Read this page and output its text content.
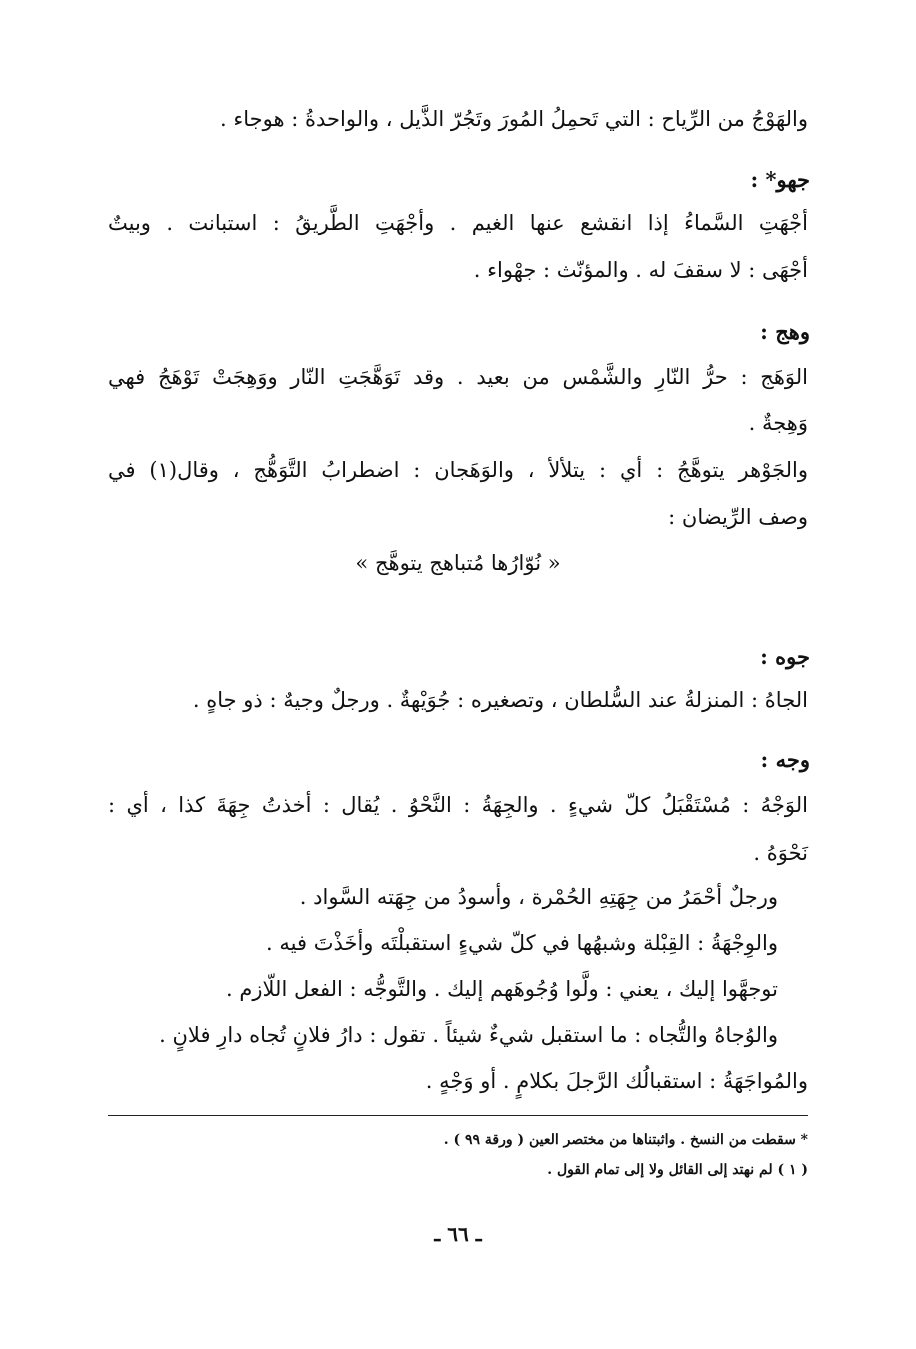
والهَوْجُ من الرِّياح : التي تَحمِلُ المُورَ وتَجُرّ الذَّيل ، والواحدةُ : هوجاء .
جهو* :
أجْهَتِ السَّماءُ إذا انقشع عنها الغيم . وأجْهَتِ الطَّريقُ : استبانت . وبيتٌ
أجْهَى : لا سقفَ له . والمؤنّث : جهْواء .
وهج :
الوَهَج : حرُّ النّارِ والشَّمْس من بعيد . وقد تَوَهَّجَتِ النّار ووَهِجَتْ تَوْهَجُ فهي
وَهِجةٌ .
والجَوْهر يتوهَّجُ : أي : يتلألأ ، والوَهَجان : اضطرابُ التَّوَهُّج ، وقال(١) في
وصف الرِّيضان :
« نُوّارُها مُتباهج يتوهَّج »
جوه :
الجاهُ : المنزلةُ عند السُّلطان ، وتصغيره : جُوَيْهةٌ . ورجلٌ وجيهٌ : ذو جاهٍ .
وجه :
الوَجْهُ : مُسْتَقْبَلُ كلّ شيءٍ . والجِهَةُ : النَّحْوُ . يُقال : أخذتُ جِهَةَ كذا ، أي :
نَحْوَهُ .
ورجلٌ أحْمَرُ من جِهَتِهِ الحُمْرة ، وأسودُ من جِهَته السَّواد .
والوِجْهَةُ : القِبْلة وشبهُها في كلّ شيءٍ استقبلْتَه وأخَذْتَ فيه .
توجهَّوا إليك ، يعني : ولَّوا وُجُوهَهم إليك . والتَّوجُّه : الفعل اللّازم .
والوُجاهُ والتُّجاه : ما استقبل شيءٌ شيئاً . تقول : دارُ فلانٍ تُجاه دارِ فلانٍ .
والمُواجَهَةُ : استقبالُك الرَّجلَ بكلامٍ . أو وَجْهٍ .
* سقطت من النسخ . واثبتناها من مختصر العين ( ورقة ٩٩ ) .
( ١ ) لم نهتد إلى القائل ولا إلى تمام القول .
ـ ٦٦ ـ
